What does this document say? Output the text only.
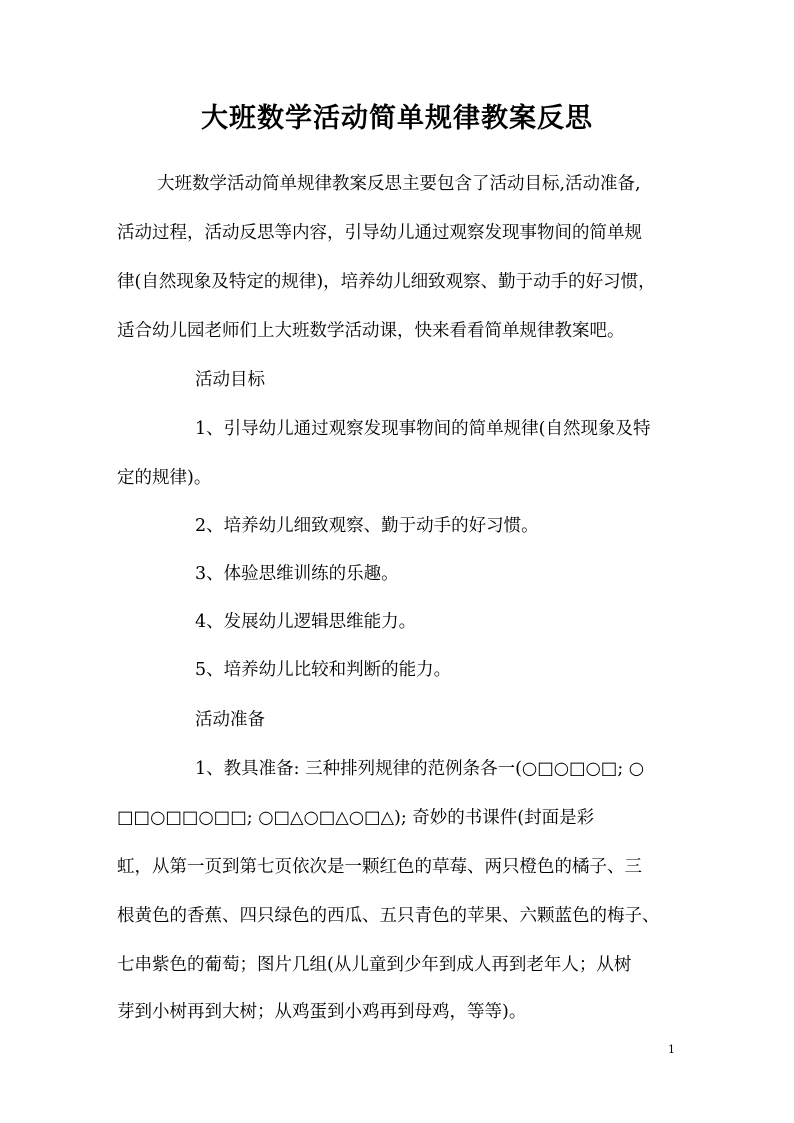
大班数学活动简单规律教案反思
大班数学活动简单规律教案反思主要包含了活动目标,活动准备,
活动过程，活动反思等内容，引导幼儿通过观察发现事物间的简单规
律(自然现象及特定的规律)，培养幼儿细致观察、勤于动手的好习惯，
适合幼儿园老师们上大班数学活动课，快来看看简单规律教案吧。
活动目标
1、引导幼儿通过观察发现事物间的简单规律(自然现象及特
定的规律)。
2、培养幼儿细致观察、勤于动手的好习惯。
3、体验思维训练的乐趣。
4、发展幼儿逻辑思维能力。
5、培养幼儿比较和判断的能力。
活动准备
1、教具准备: 三种排列规律的范例条各一(○□○□○□; ○
□□○□□○□□; ○□△○□△○□△); 奇妙的书课件(封面是彩
虹，从第一页到第七页依次是一颗红色的草莓、两只橙色的橘子、三
根黄色的香蕉、四只绿色的西瓜、五只青色的苹果、六颗蓝色的梅子、
七串紫色的葡萄；图片几组(从儿童到少年到成人再到老年人；从树
芽到小树再到大树；从鸡蛋到小鸡再到母鸡，等等)。
1
